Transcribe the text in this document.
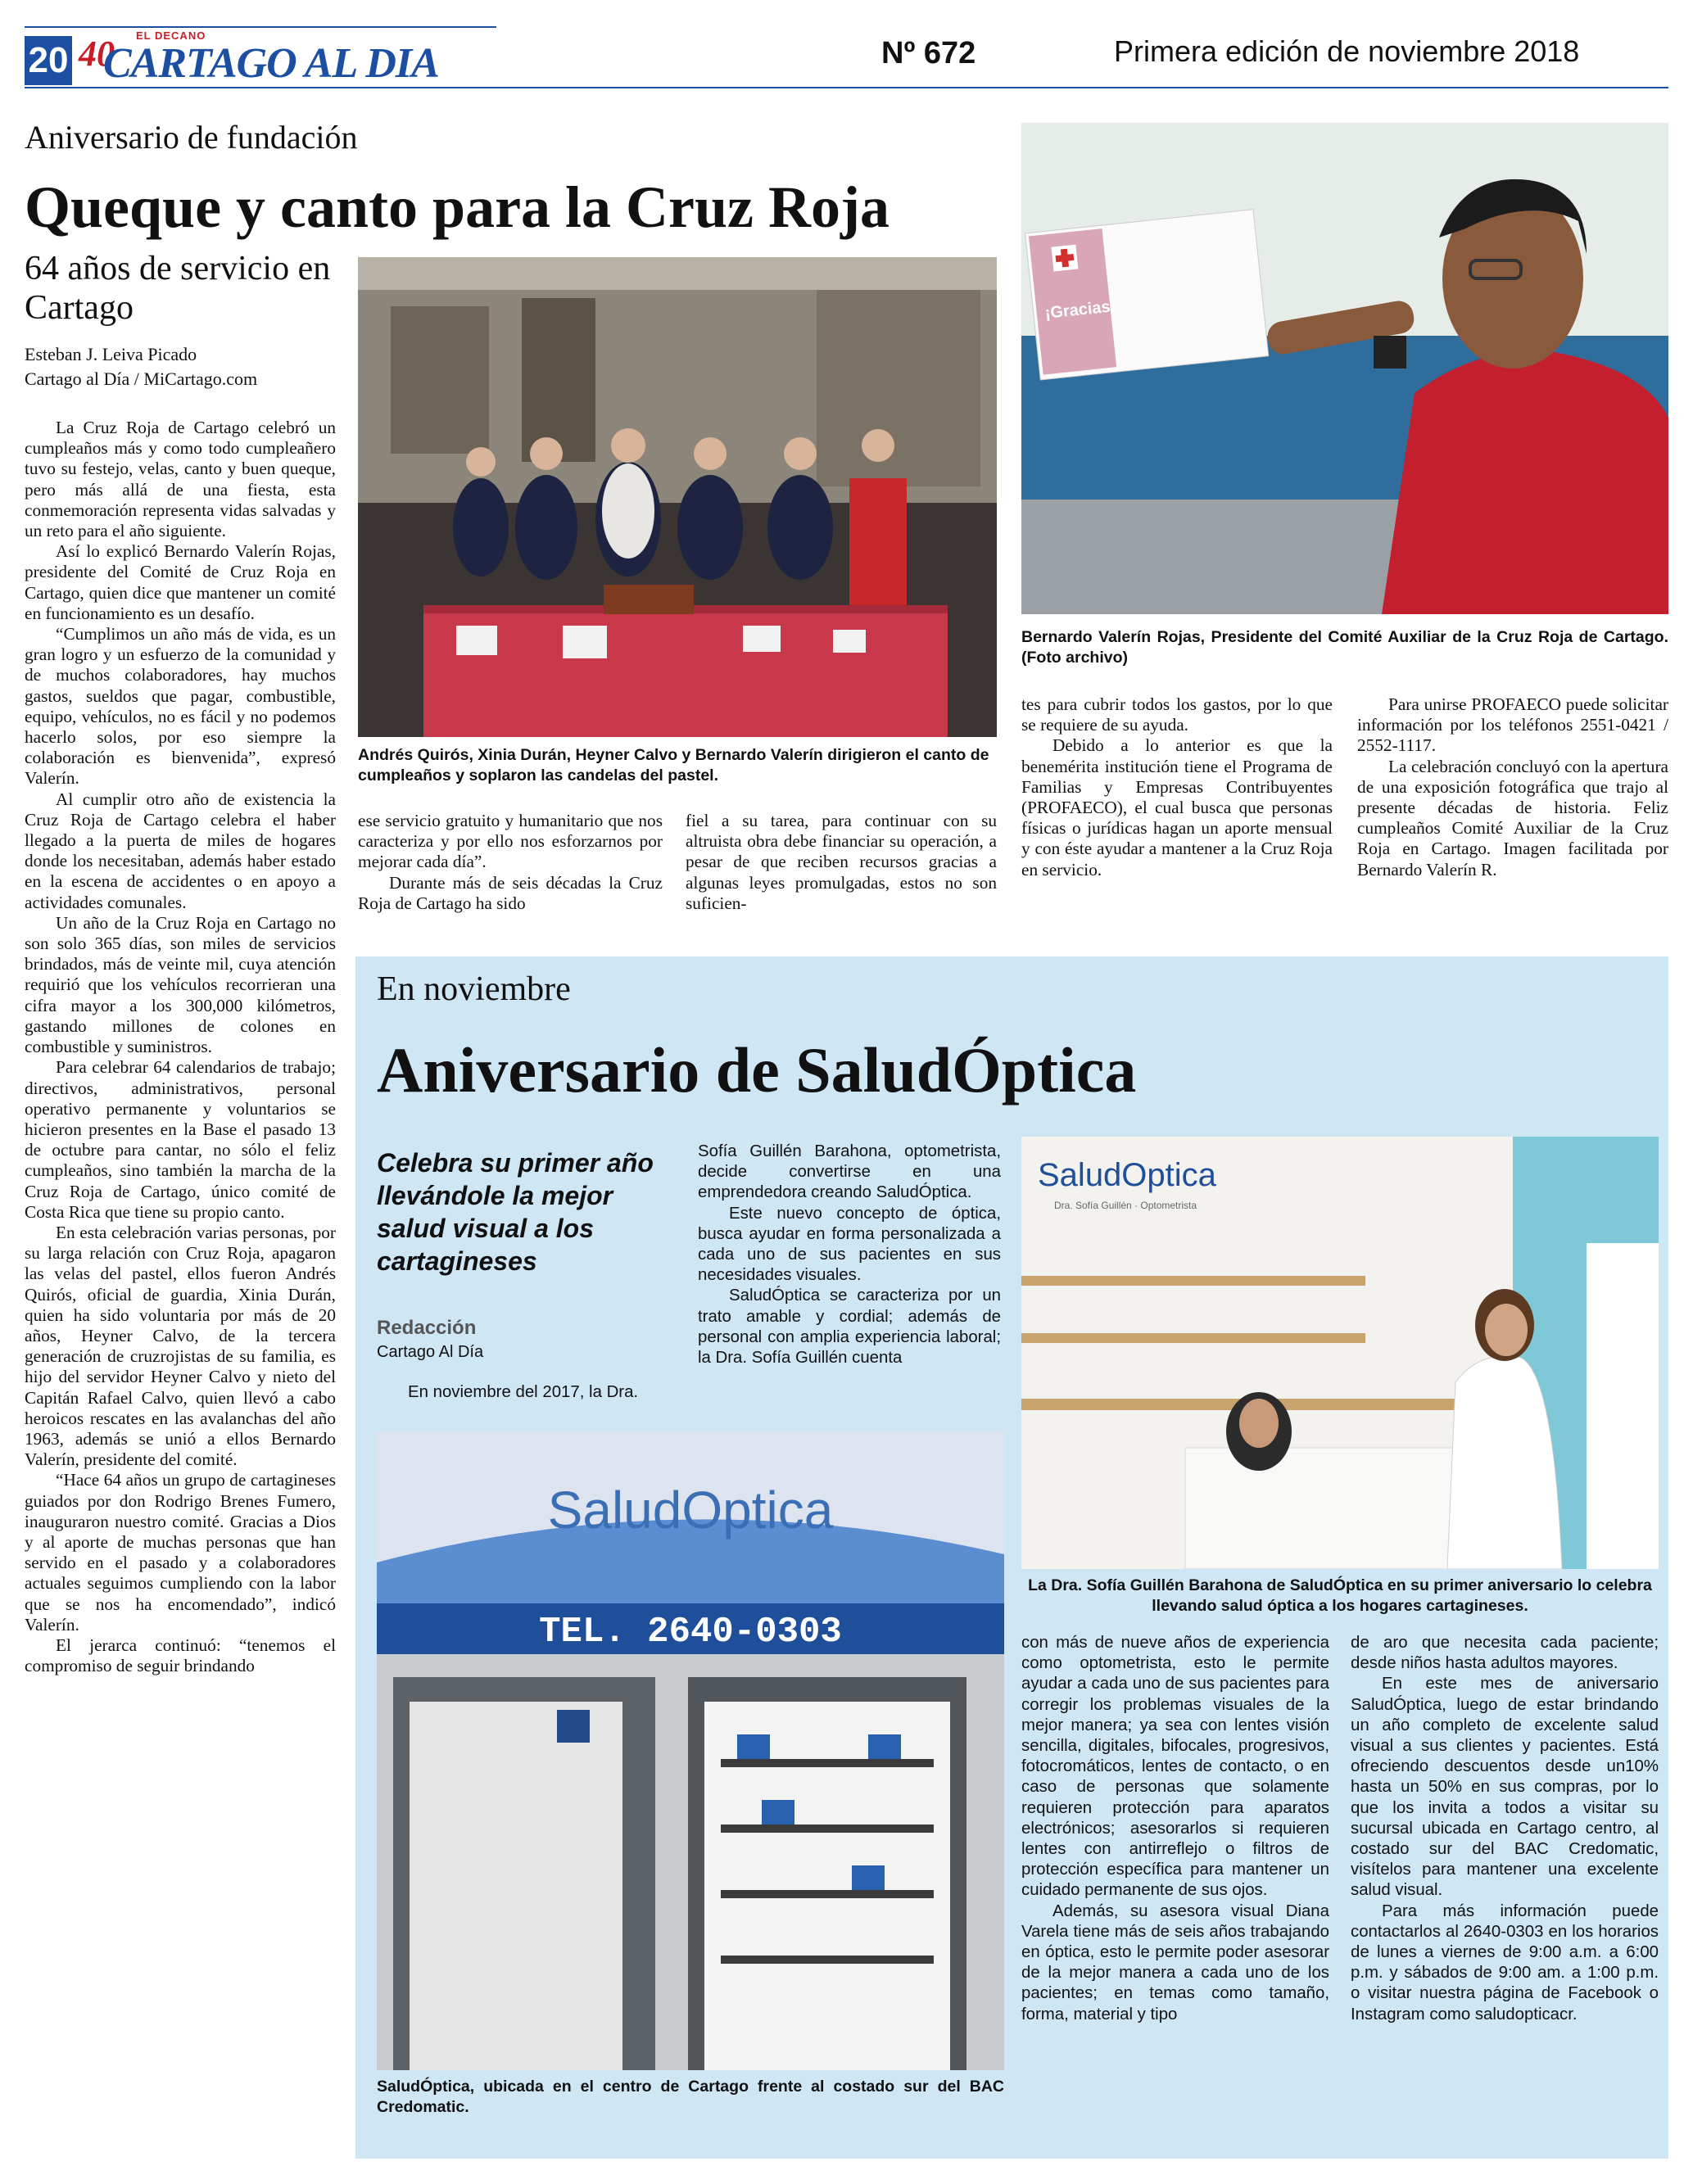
20
EL DECANO
40
CARTAGO AL DIA	Nº 672	Primera edición de noviembre 2018
Aniversario de fundación
Queque y canto para la Cruz Roja
64 años de servicio en Cartago
Esteban J. Leiva Picado
Cartago al Día / MiCartago.com

La Cruz Roja de Cartago celebró un cumpleaños más y como todo cumpleañero tuvo su festejo, velas, canto y buen queque, pero más allá de una fiesta, esta conmemoración representa vidas salvadas y un reto para el año siguiente.

Así lo explicó Bernardo Valerín Rojas, presidente del Comité de Cruz Roja en Cartago, quien dice que mantener un comité en funcionamiento es un desafío.

“Cumplimos un año más de vida, es un gran logro y un esfuerzo de la comunidad y de muchos colaboradores, hay muchos gastos, sueldos que pagar, combustible, equipo, vehículos, no es fácil y no podemos hacerlo solos, por eso siempre la colaboración es bienvenida”, expresó Valerín.

Al cumplir otro año de existencia la Cruz Roja de Cartago celebra el haber llegado a la puerta de miles de hogares donde los necesitaban, además haber estado en la escena de accidentes o en apoyo a actividades comunales.

Un año de la Cruz Roja en Cartago no son solo 365 días, son miles de servicios brindados, más de veinte mil, cuya atención requirió que los vehículos recorrieran una cifra mayor a los 300,000 kilómetros, gastando millones de colones en combustible y suministros.

Para celebrar 64 calendarios de trabajo; directivos, administrativos, personal operativo permanente y voluntarios se hicieron presentes en la Base el pasado 13 de octubre para cantar, no sólo el feliz cumpleaños, sino también la marcha de la Cruz Roja de Cartago, único comité de Costa Rica que tiene su propio canto.

En esta celebración varias personas, por su larga relación con Cruz Roja, apagaron las velas del pastel, ellos fueron Andrés Quirós, oficial de guardia, Xinia Durán, quien ha sido voluntaria por más de 20 años, Heyner Calvo, de la tercera generación de cruzrojistas de su familia, es hijo del servidor Heyner Calvo y nieto del Capitán Rafael Calvo, quien llevó a cabo heroicos rescates en las avalanchas del año 1963, además se unió a ellos Bernardo Valerín, presidente del comité.

“Hace 64 años un grupo de cartagineses guiados por don Rodrigo Brenes Fumero, inauguraron nuestro comité. Gracias a Dios y al aporte de muchas personas que han servido en el pasado y a colaboradores actuales seguimos cumpliendo con la labor que se nos ha encomendado”, indicó Valerín.

El jerarca continuó: “tenemos el compromiso de seguir brindando

Andrés Quirós, Xinia Durán, Heyner Calvo y Bernardo Valerín dirigieron el canto de cumpleaños y soplaron las candelas del pastel.

ese servicio gratuito y humanitario que nos caracteriza y por ello nos esforzarnos por mejorar cada día”.

Durante más de seis décadas la Cruz Roja de Cartago ha sido

fiel a su tarea, para continuar con su altruista obra debe financiar su operación, a pesar de que reciben recursos gracias a algunas leyes promulgadas, estos no son suficien-

¡Gracias!
Bernardo Valerín Rojas, Presidente del Comité Auxiliar de la Cruz Roja de Cartago. (Foto archivo)

tes para cubrir todos los gastos, por lo que se requiere de su ayuda.

Debido a lo anterior es que la benemérita institución tiene el Programa de Familias y Empresas Contribuyentes (PROFAECO), el cual busca que personas físicas o jurídicas hagan un aporte mensual y con éste ayudar a mantener a la Cruz Roja en servicio.

Para unirse PROFAECO puede solicitar información por los teléfonos 2551-0421 / 2552-1117.

La celebración concluyó con la apertura de una exposición fotográfica que trajo al presente décadas de historia. Feliz cumpleaños Comité Auxiliar de la Cruz Roja en Cartago. Imagen facilitada por Bernardo Valerín R.

En noviembre
Aniversario de SaludÓptica
Celebra su primer año llevándole la mejor salud visual a los cartagineses
Redacción
Cartago Al Día

En noviembre del 2017, la Dra.

Sofía Guillén Barahona, optometrista, decide convertirse en una emprendedora creando SaludÓptica.

Este nuevo concepto de óptica, busca ayudar en forma personalizada a cada uno de sus pacientes en sus necesidades visuales.

SaludÓptica se caracteriza por un trato amable y cordial; además de personal con amplia experiencia laboral; la Dra. Sofía Guillén cuenta

SaludOptica
TEL. 2640-0303
SaludÓptica, ubicada en el centro de Cartago frente al costado sur del BAC Credomatic.
SaludOptica
Dra. Sofía Guillén · Optometrista
La Dra. Sofía Guillén Barahona de SaludÓptica en su primer aniversario lo celebra llevando salud óptica a los hogares cartagineses.

con más de nueve años de experiencia como optometrista, esto le permite ayudar a cada uno de sus pacientes para corregir los problemas visuales de la mejor manera; ya sea con lentes visión sencilla, digitales, bifocales, progresivos, fotocromáticos, lentes de contacto, o en caso de personas que solamente requieren protección para aparatos electrónicos; asesorarlos si requieren lentes con antirreflejo o filtros de protección específica para mantener un cuidado permanente de sus ojos.

Además, su asesora visual Diana Varela tiene más de seis años trabajando en óptica, esto le permite poder asesorar de la mejor manera a cada uno de los pacientes; en temas como tamaño, forma, material y tipo

de aro que necesita cada paciente; desde niños hasta adultos mayores.

En este mes de aniversario SaludÓptica, luego de estar brindando un año completo de excelente salud visual a sus clientes y pacientes. Está ofreciendo descuentos desde un10% hasta un 50% en sus compras, por lo que los invita a todos a visitar su sucursal ubicada en Cartago centro, al costado sur del BAC Credomatic, visítelos para mantener una excelente salud visual.

Para más información puede contactarlos al 2640-0303 en los horarios de lunes a viernes de 9:00 a.m. a 6:00 p.m. y sábados de 9:00 am. a 1:00 p.m. o visitar nuestra página de Facebook o Instagram como saludopticacr.
